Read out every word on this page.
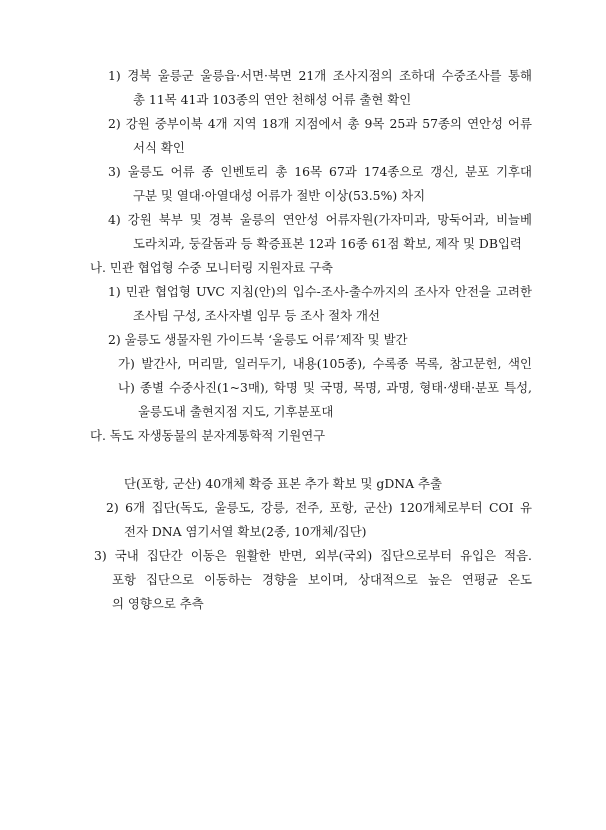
1) 경북 울릉군 울릉읍·서면·북면 21개 조사지점의 조하대 수중조사를 통해
총 11목 41과 103종의 연안 천해성 어류 출현 확인
2) 강원 중부이북 4개 지역 18개 지점에서 총 9목 25과 57종의 연안성 어류
서식 확인
3) 울릉도 어류 종 인벤토리 총 16목 67과 174종으로 갱신, 분포 기후대
구분 및 열대·아열대성 어류가 절반 이상(53.5%) 차지
4) 강원 북부 및 경북 울릉의 연안성 어류자원(가자미과, 망둑어과, 비늘베
도라치과, 둥갈돔과 등 확증표본 12과 16종 61점 확보, 제작 및 DB입력
나. 민관 협업형 수중 모니터링 지원자료 구축
1) 민관 협업형 UVC 지침(안)의 입수-조사-출수까지의 조사자 안전을 고려한
조사팀 구성, 조사자별 임무 등 조사 절차 개선
2) 울릉도 생물자원 가이드북 ‘울릉도 어류’제작 및 발간
가) 발간사, 머리말, 일러두기, 내용(105종), 수록종 목록, 참고문헌, 색인
나) 종별 수중사진(1~3매), 학명 및 국명, 목명, 과명, 형태·생태·분포 특성,
울릉도내 출현지점 지도, 기후분포대
다. 독도 자생동물의 분자계통학적 기원연구
단(포항, 군산) 40개체 확증 표본 추가 확보 및 gDNA 추출
2) 6개 집단(독도, 울릉도, 강릉, 전주, 포항, 군산) 120개체로부터 COI 유
전자 DNA 염기서열 확보(2종, 10개체/집단)
3) 국내 집단간 이동은 원활한 반면, 외부(국외) 집단으로부터 유입은 적음.
포항 집단으로 이동하는 경향을 보이며, 상대적으로 높은 연평균 온도
의 영향으로 추측
